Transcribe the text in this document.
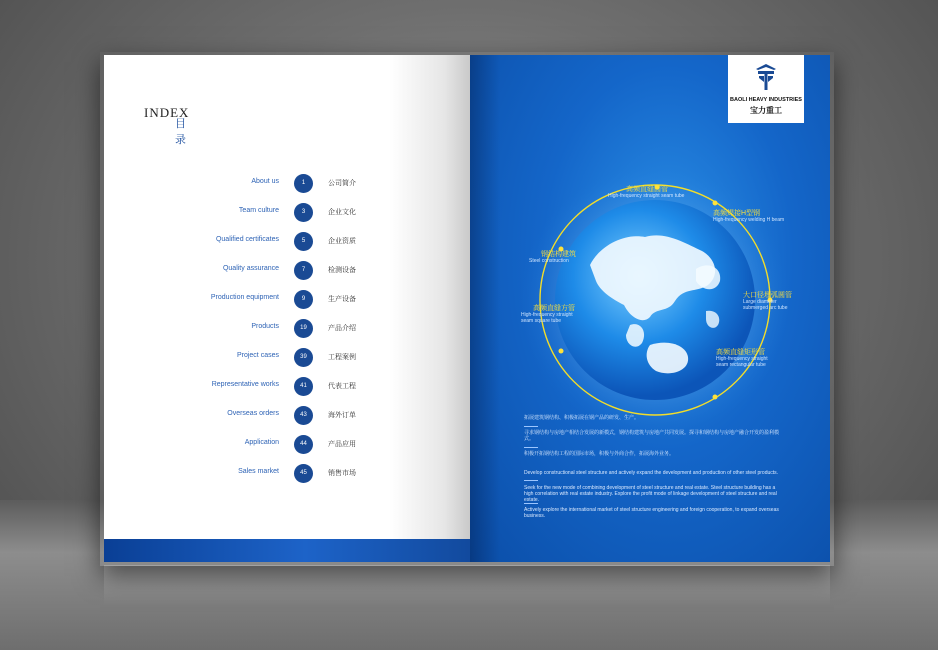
INDEX
目录
About us	1	公司简介
Team culture	3	企业文化
Qualified certificates	5	企业资质
Quality assurance	7	检测设备
Production equipment	9	生产设备
Products	19	产品介绍
Project cases	39	工程案例
Representative works	41	代表工程
Overseas orders	43	海外订单
Application	44	产品应用
Sales market	45	销售市场
BAOLI HEAVY INDUSTRIES
宝力重工
高频直缝圆管
High-frequency straight seam tube
高频焊接H型钢
High-frequency welding H beam
钢结构建筑
Steel construction
大口径埋弧圆管
Large diameter submerged arc tube
高频直缝方管
High-frequency straight seam square tube
高频直缝矩形管
High-frequency straight seam rectangular tube
拓展建筑钢结构、积极拓展在钢产品的研发、生产。
寻求钢结构与房地产相结合发展的新模式，钢结构建筑与房地产共同发展。探寻和钢结构与房地产融合开发的盈利模式。
积极开拓钢结构工程的国际市场，积极与外商合作，拓展海外业务。
Develop constructional steel structure and actively expand the development and production of other steel products.
Seek for the new mode of combining development of steel structure and real estate. Steel structure building has a high correlation with real estate industry. Explore the profit mode of linkage development of steel structure and real estate.
Actively explore the international market of steel structure engineering and foreign cooperation, to expand overseas business.
